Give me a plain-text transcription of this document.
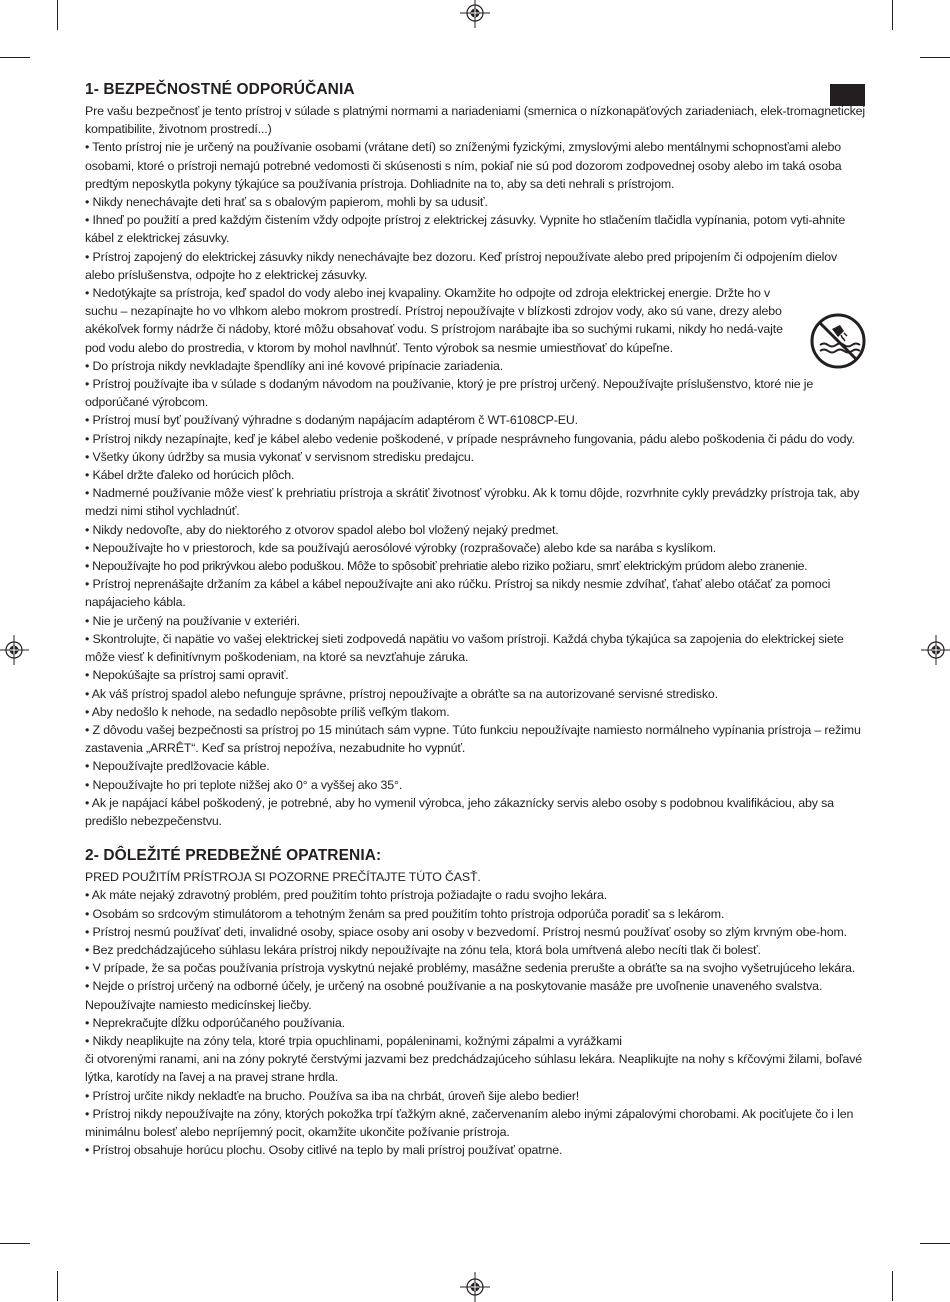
1- BEZPEČNOSTNÉ ODPORÚČANIA

Pre vašu bezpečnosť je tento prístroj v súlade s platnými normami a nariadeniami (smernica o nízkonapäťových zariadeniach, elek-tromagnetickej kompatibilite, životnom prostredí...)

• Tento prístroj nie je určený na používanie osobami (vrátane detí) so zníženými fyzickými, zmyslovými alebo mentálnymi schopnosťami alebo osobami, ktoré o prístroji nemajú potrebné vedomosti či skúsenosti s ním, pokiaľ nie sú pod dozorom zodpovednej osoby alebo im taká osoba predtým neposkytla pokyny týkajúce sa používania prístroja. Dohliadnite na to, aby sa deti nehrali s prístrojom.

• Nikdy nenechávajte deti hrať sa s obalovým papierom, mohli by sa udusiť.

• Ihneď po použití a pred každým čistením vždy odpojte prístroj z elektrickej zásuvky. Vypnite ho stlačením tlačidla vypínania, potom vyti-ahnite kábel z elektrickej zásuvky.

• Prístroj zapojený do elektrickej zásuvky nikdy nenechávajte bez dozoru. Keď prístroj nepoužívate alebo pred pripojením či odpojením dielov alebo príslušenstva, odpojte ho z elektrickej zásuvky.

• Nedotýkajte sa prístroja, keď spadol do vody alebo inej kvapaliny. Okamžite ho odpojte od zdroja elektrickej energie. Držte ho v suchu – nezapínajte ho vo vlhkom alebo mokrom prostredí. Prístroj nepoužívajte v blízkosti zdrojov vody, ako sú vane, drezy alebo akékoľvek formy nádrže či nádoby, ktoré môžu obsahovať vodu. S prístrojom narábajte iba so suchými rukami, nikdy ho nedá-vajte pod vodu alebo do prostredia, v ktorom by mohol navlhnúť. Tento výrobok sa nesmie umiestňovať do kúpeľne.

• Do prístroja nikdy nevkladajte špendlíky ani iné kovové pripínacie zariadenia.

• Prístroj používajte iba v súlade s dodaným návodom na používanie, ktorý je pre prístroj určený. Nepoužívajte príslušenstvo, ktoré nie je odporúčané výrobcom.

• Prístroj musí byť používaný výhradne s dodaným napájacím adaptérom č WT-6108CP-EU.

• Prístroj nikdy nezapínajte, keď je kábel alebo vedenie poškodené, v prípade nesprávneho fungovania, pádu alebo poškodenia či pádu do vody.

• Všetky úkony údržby sa musia vykonať v servisnom stredisku predajcu.

• Kábel držte ďaleko od horúcich plôch.

• Nadmerné používanie môže viesť k prehriatiu prístroja a skrátiť životnosť výrobku. Ak k tomu dôjde, rozvrhnite cykly prevádzky prístroja tak, aby medzi nimi stihol vychladnúť.

• Nikdy nedovoľte, aby do niektorého z otvorov spadol alebo bol vložený nejaký predmet.

• Nepoužívajte ho v priestoroch, kde sa používajú aerosólové výrobky (rozprašovače) alebo kde sa narába s kyslíkom.

• Nepoužívajte ho pod prikrývkou alebo poduškou. Môže to spôsobiť prehriatie alebo riziko požiaru, smrť elektrickým prúdom alebo zranenie.

• Prístroj neprenášajte držaním za kábel a kábel nepoužívajte ani ako rúčku. Prístroj sa nikdy nesmie zdvíhať, ťahať alebo otáčať za pomoci napájacieho kábla.

• Nie je určený na používanie v exteriéri.

• Skontrolujte, či napätie vo vašej elektrickej sieti zodpovedá napätiu vo vašom prístroji. Každá chyba týkajúca sa zapojenia do elektrickej siete môže viesť k definitívnym poškodeniam, na ktoré sa nevzťahuje záruka.

• Nepokúšajte sa prístroj sami opraviť.

• Ak váš prístroj spadol alebo nefunguje správne, prístroj nepoužívajte a obráťte sa na autorizované servisné stredisko.

• Aby nedošlo k nehode, na sedadlo nepôsobte príliš veľkým tlakom.

• Z dôvodu vašej bezpečnosti sa prístroj po 15 minútach sám vypne. Túto funkciu nepoužívajte namiesto normálneho vypínania prístroja – režimu zastavenia „ARRÊT“. Keď sa prístroj nepoźíva, nezabudnite ho vypnúť.

• Nepoužívajte predlžovacie káble.

• Nepoužívajte ho pri teplote nižšej ako 0° a vyššej ako 35°.

• Ak je napájací kábel poškodený, je potrebné, aby ho vymenil výrobca, jeho zákaznícky servis alebo osoby s podobnou kvalifikáciou, aby sa predišlo nebezpečenstvu.

2- DÔLEŽITÉ PREDBEŽNÉ OPATRENIA:

PRED POUŽITÍM PRÍSTROJA SI POZORNE PREČÍTAJTE TÚTO ČASŤ.

• Ak máte nejaký zdravotný problém, pred použitím tohto prístroja požiadajte o radu svojho lekára.

• Osobám so srdcovým stimulátorom a tehotným ženám sa pred použitím tohto prístroja odporúča poradiť sa s lekárom.

• Prístroj nesmú používať deti, invalidné osoby, spiace osoby ani osoby v bezvedomí. Prístroj nesmú používať osoby so zlým krvným obe-hom.

• Bez predchádzajúceho súhlasu lekára prístroj nikdy nepoužívajte na zónu tela, ktorá bola umŕtvená alebo necíti tlak či bolesť.

• V prípade, že sa počas používania prístroja vyskytnú nejaké problémy, masážne sedenia prerušte a obráťte sa na svojho vyšetrujúceho lekára.

• Nejde o prístroj určený na odborné účely, je určený na osobné používanie a na poskytovanie masáže pre uvoľnenie unaveného svalstva. Nepoužívajte namiesto medicínskej liečby.

• Neprekračujte dĺžku odporúčaného používania.

• Nikdy neaplikujte na zóny tela, ktoré trpia opuchlinami, popáleninami, kožnými zápalmi a vyrážkami

či otvorenými ranami, ani na zóny pokryté čerstvými jazvami bez predchádzajúceho súhlasu lekára. Neaplikujte na nohy s kŕčovými žilami, boľavé lýtka, karotídy na ľavej a na pravej strane hrdla.

• Prístroj určite nikdy nekladťe na brucho. Používa sa iba na chrbát, úroveň šije alebo bedier!

• Prístroj nikdy nepoužívajte na zóny, ktorých pokožka trpí ťažkým akné, začervenaním alebo inými zápalovými chorobami. Ak pociťujete čo i len minimálnu bolesť alebo nepríjemný pocit, okamžite ukončite požívanie prístroja.

• Prístroj obsahuje horúcu plochu. Osoby citlivé na teplo by mali prístroj používať opatrne.
